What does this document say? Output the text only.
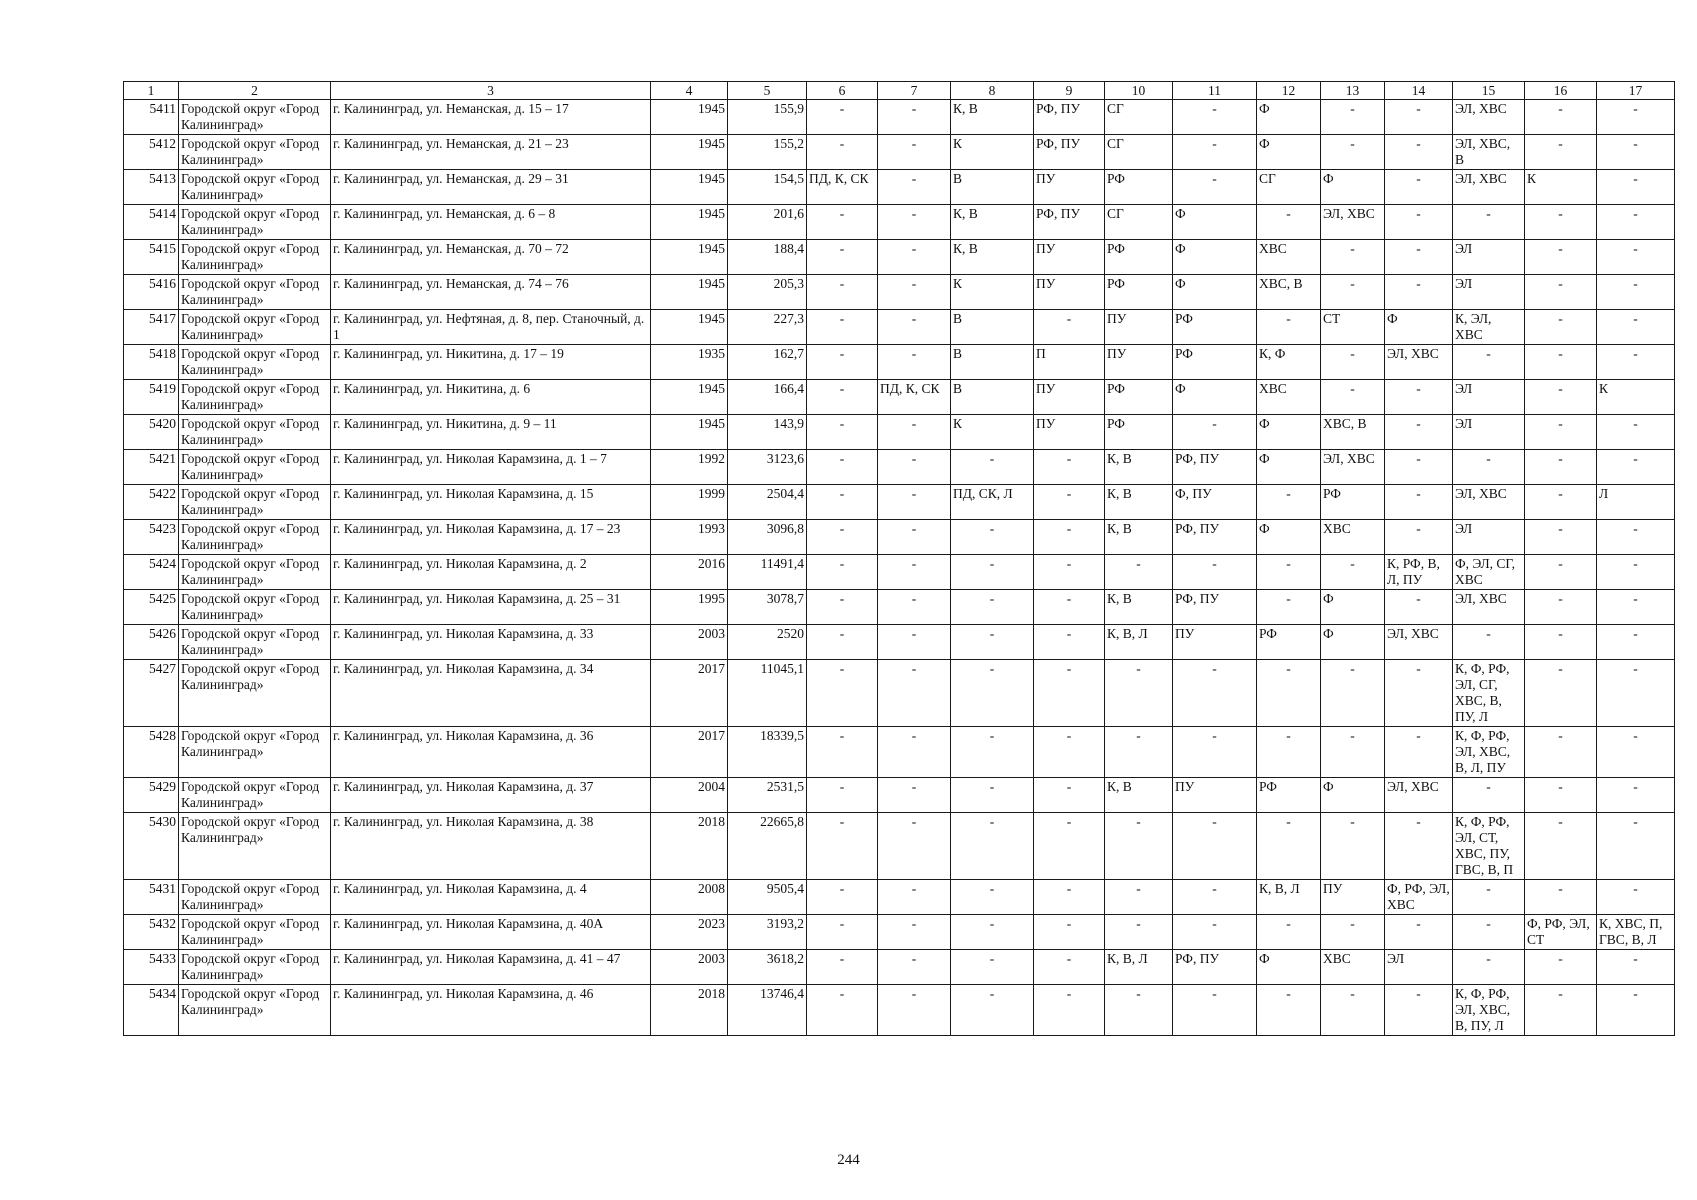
1	2	3	4	5	6	7	8	9	10	11	12	13	14	15	16	17
5411	Городской округ «Город Калининград»	г. Калининград, ул. Неманская, д. 15 – 17	1945	155,9	-	-	К, В	РФ, ПУ	СГ	-	Ф	-	-	ЭЛ, ХВС	-	-
5412	Городской округ «Город Калининград»	г. Калининград, ул. Неманская, д. 21 – 23	1945	155,2	-	-	К	РФ, ПУ	СГ	-	Ф	-	-	ЭЛ, ХВС, В	-	-
5413	Городской округ «Город Калининград»	г. Калининград, ул. Неманская, д. 29 – 31	1945	154,5	ПД, К, СК	-	В	ПУ	РФ	-	СГ	Ф	-	ЭЛ, ХВС	К	-
5414	Городской округ «Город Калининград»	г. Калининград, ул. Неманская, д. 6 – 8	1945	201,6	-	-	К, В	РФ, ПУ	СГ	Ф	-	ЭЛ, ХВС	-	-	-	-
5415	Городской округ «Город Калининград»	г. Калининград, ул. Неманская, д. 70 – 72	1945	188,4	-	-	К, В	ПУ	РФ	Ф	ХВС	-	-	ЭЛ	-	-
5416	Городской округ «Город Калининград»	г. Калининград, ул. Неманская, д. 74 – 76	1945	205,3	-	-	К	ПУ	РФ	Ф	ХВС, В	-	-	ЭЛ	-	-
5417	Городской округ «Город Калининград»	г. Калининград, ул. Нефтяная, д. 8, пер. Станочный, д. 1	1945	227,3	-	-	В	-	ПУ	РФ	-	СТ	Ф	К, ЭЛ, ХВС	-	-
5418	Городской округ «Город Калининград»	г. Калининград, ул. Никитина, д. 17 – 19	1935	162,7	-	-	В	П	ПУ	РФ	К, Ф	-	ЭЛ, ХВС	-	-	-
5419	Городской округ «Город Калининград»	г. Калининград, ул. Никитина, д. 6	1945	166,4	-	ПД, К, СК	В	ПУ	РФ	Ф	ХВС	-	-	ЭЛ	-	К
5420	Городской округ «Город Калининград»	г. Калининград, ул. Никитина, д. 9 – 11	1945	143,9	-	-	К	ПУ	РФ	-	Ф	ХВС, В	-	ЭЛ	-	-
5421	Городской округ «Город Калининград»	г. Калининград, ул. Николая Карамзина, д. 1 – 7	1992	3123,6	-	-	-	-	К, В	РФ, ПУ	Ф	ЭЛ, ХВС	-	-	-	-
5422	Городской округ «Город Калининград»	г. Калининград, ул. Николая Карамзина, д. 15	1999	2504,4	-	-	ПД, СК, Л	-	К, В	Ф, ПУ	-	РФ	-	ЭЛ, ХВС	-	Л
5423	Городской округ «Город Калининград»	г. Калининград, ул. Николая Карамзина, д. 17 – 23	1993	3096,8	-	-	-	-	К, В	РФ, ПУ	Ф	ХВС	-	ЭЛ	-	-
5424	Городской округ «Город Калининград»	г. Калининград, ул. Николая Карамзина, д. 2	2016	11491,4	-	-	-	-	-	-	-	-	К, РФ, В, Л, ПУ	Ф, ЭЛ, СГ, ХВС	-	-
5425	Городской округ «Город Калининград»	г. Калининград, ул. Николая Карамзина, д. 25 – 31	1995	3078,7	-	-	-	-	К, В	РФ, ПУ	-	Ф	-	ЭЛ, ХВС	-	-
5426	Городской округ «Город Калининград»	г. Калининград, ул. Николая Карамзина, д. 33	2003	2520	-	-	-	-	К, В, Л	ПУ	РФ	Ф	ЭЛ, ХВС	-	-	-
5427	Городской округ «Город Калининград»	г. Калининград, ул. Николая Карамзина, д. 34	2017	11045,1	-	-	-	-	-	-	-	-	-	К, Ф, РФ, ЭЛ, СГ, ХВС, В, ПУ, Л	-	-
5428	Городской округ «Город Калининград»	г. Калининград, ул. Николая Карамзина, д. 36	2017	18339,5	-	-	-	-	-	-	-	-	-	К, Ф, РФ, ЭЛ, ХВС, В, Л, ПУ	-	-
5429	Городской округ «Город Калининград»	г. Калининград, ул. Николая Карамзина, д. 37	2004	2531,5	-	-	-	-	К, В	ПУ	РФ	Ф	ЭЛ, ХВС	-	-	-
5430	Городской округ «Город Калининград»	г. Калининград, ул. Николая Карамзина, д. 38	2018	22665,8	-	-	-	-	-	-	-	-	-	К, Ф, РФ, ЭЛ, СТ, ХВС, ПУ, ГВС, В, П	-	-
5431	Городской округ «Город Калининград»	г. Калининград, ул. Николая Карамзина, д. 4	2008	9505,4	-	-	-	-	-	-	К, В, Л	ПУ	Ф, РФ, ЭЛ, ХВС	-	-	-
5432	Городской округ «Город Калининград»	г. Калининград, ул. Николая Карамзина, д. 40А	2023	3193,2	-	-	-	-	-	-	-	-	-	-	Ф, РФ, ЭЛ, СТ	К, ХВС, П, ГВС, В, Л
5433	Городской округ «Город Калининград»	г. Калининград, ул. Николая Карамзина, д. 41 – 47	2003	3618,2	-	-	-	-	К, В, Л	РФ, ПУ	Ф	ХВС	ЭЛ	-	-	-
5434	Городской округ «Город Калининград»	г. Калининград, ул. Николая Карамзина, д. 46	2018	13746,4	-	-	-	-	-	-	-	-	-	К, Ф, РФ, ЭЛ, ХВС, В, ПУ, Л	-	-
244
